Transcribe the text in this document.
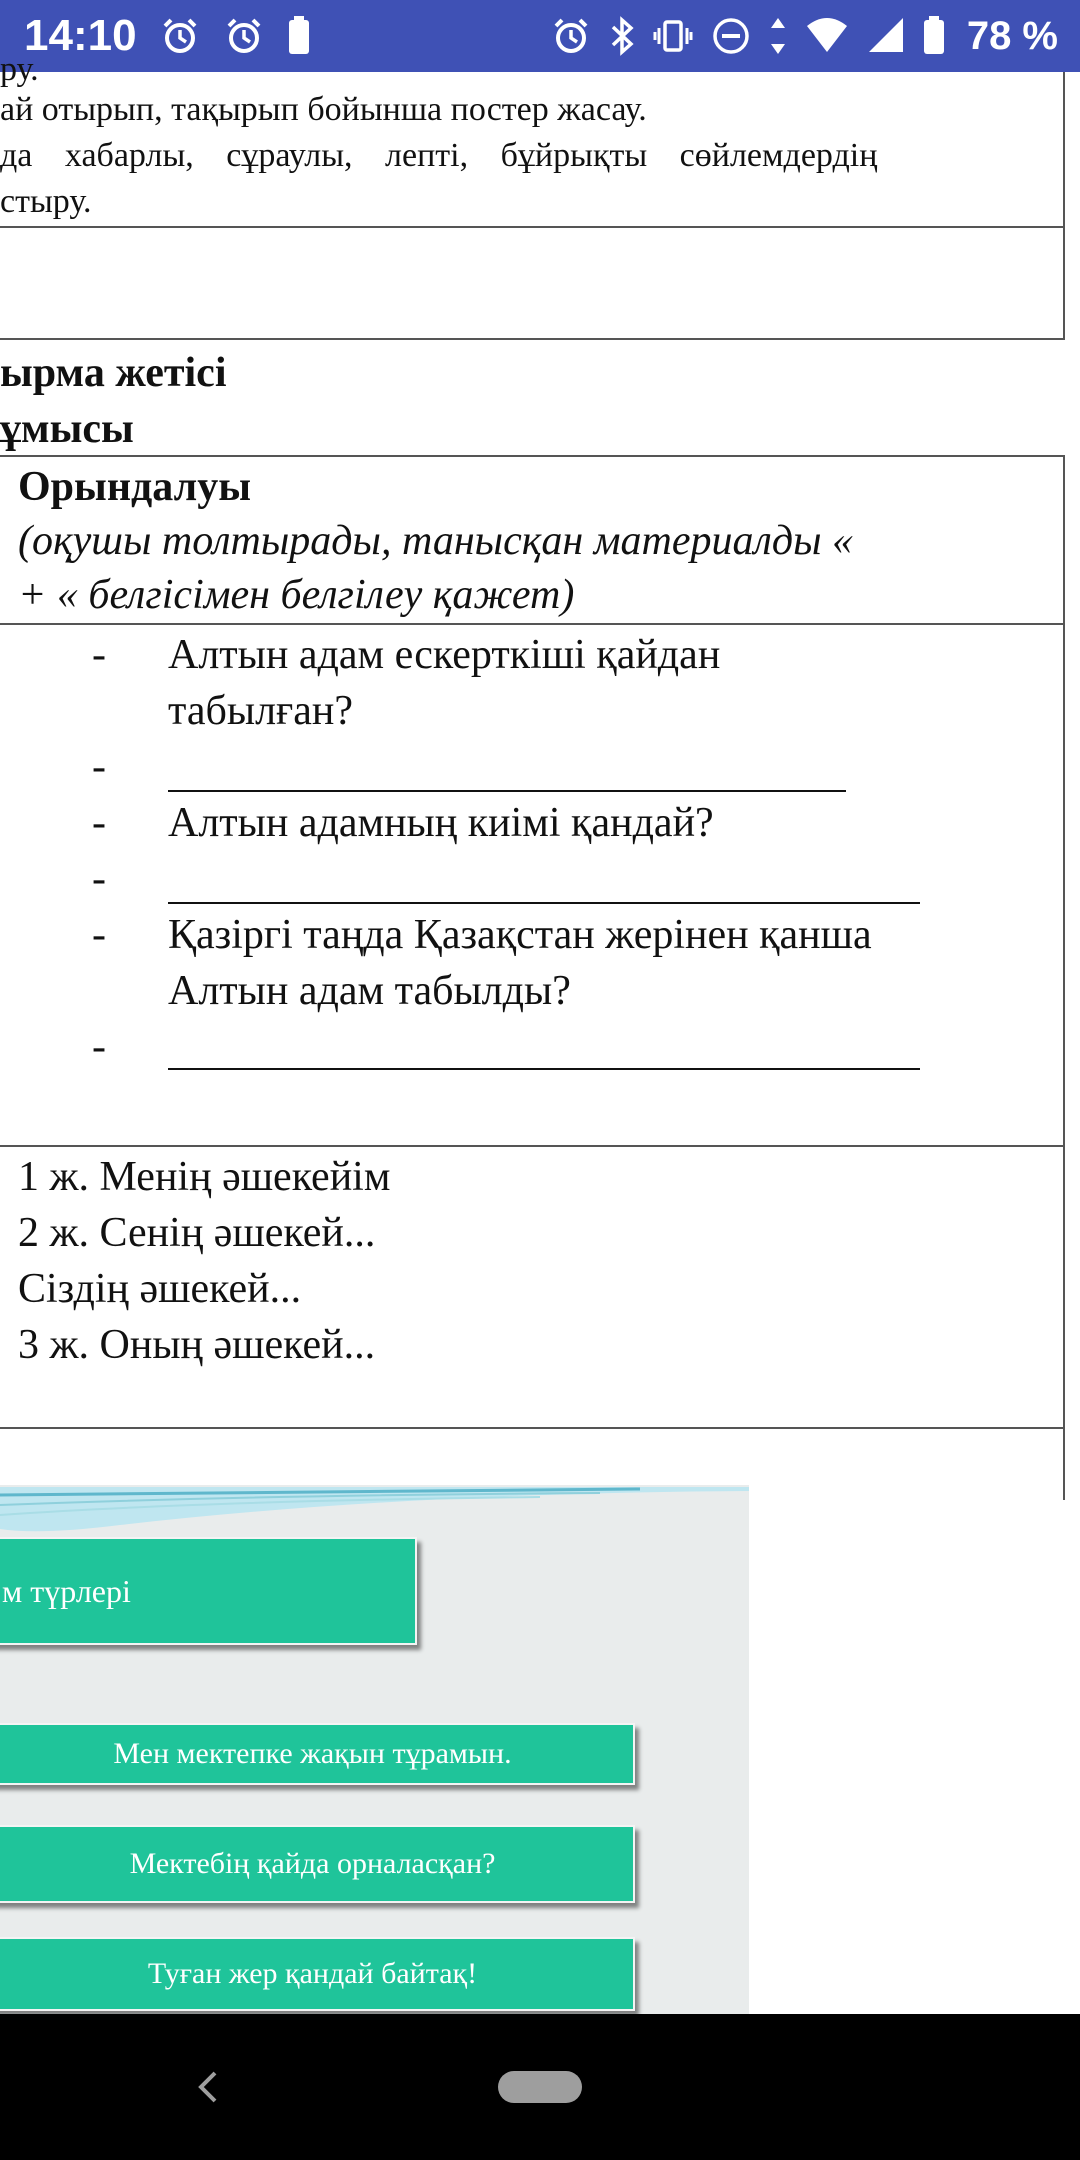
14:10	78 %
ру.
ай отырып, тақырып бойынша постер жасау.
да хабарлы, сұраулы, лепті, бұйрықты сөйлемдердің
стыру.
ырма жетісі
ұмысы
Орындалуы
(оқушы толтырады, танысқан материалды «
+ « белгісімен белгілеу қажет)
- Алтын адам ескерткіші қайдан
табылған?
-
- Алтын адамның киімі қандай?
-
- Қазіргі таңда Қазақстан жерінен қанша
Алтын адам табылды?
-
1 ж. Менің әшекейім
2 ж. Сенің әшекей...
Сіздің әшекей...
3 ж. Оның әшекей...
м түрлері
Мен мектепке жақын тұрамын.
Мектебің қайда орналасқан?
Туған жер қандай байтақ!
